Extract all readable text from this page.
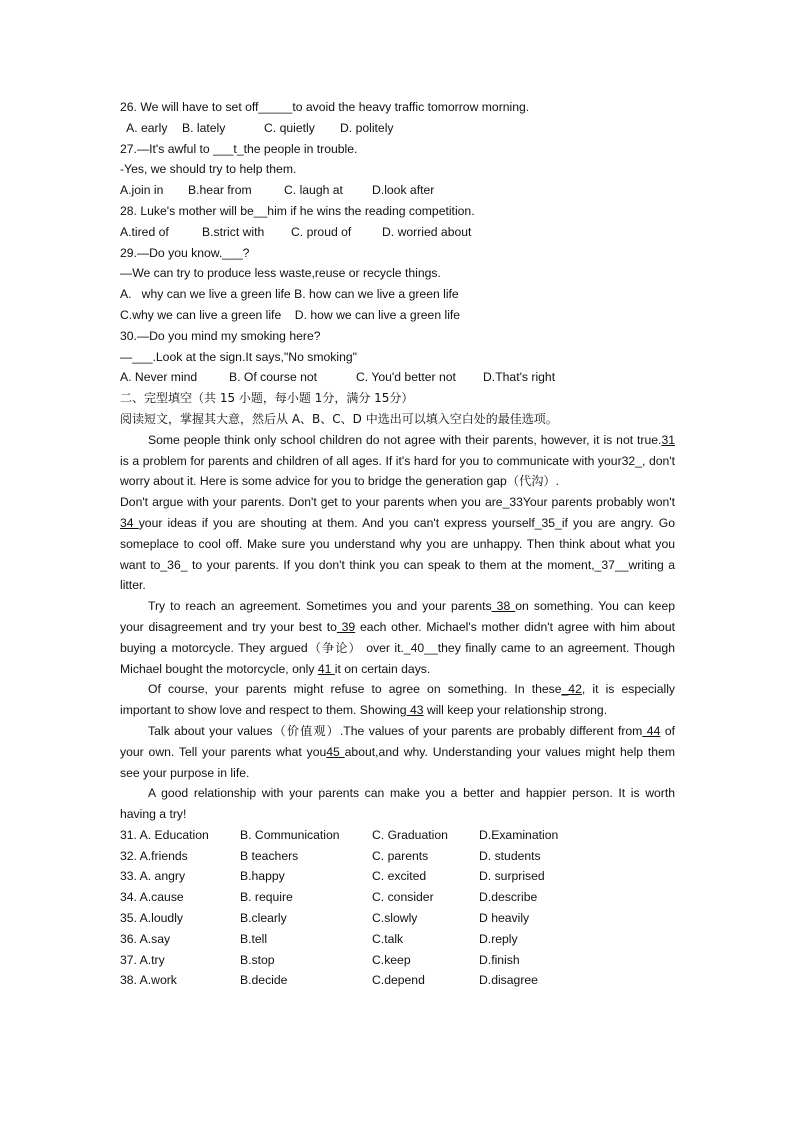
26. We will have to set off_____to avoid the heavy traffic tomorrow morning.
A. early	B. lately	C. quietly	D. politely
27.—It's awful to ___t_the people in trouble.
-Yes, we should try to help them.
A.join in	B.hear from	C. laugh at	D.look after
28. Luke's mother will be__him if he wins the reading competition.
A.tired of	B.strict with	C. proud of	D. worried about
29.—Do you know.___?
—We can try to produce less waste,reuse or recycle things.
A.   why can we live a green life B. how can we live a green life
C.why we can live a green life    D. how we can live a green life
30.—Do you mind my smoking here?
—___.Look at the sign.It says,"No smoking"
A. Never mind	B. Of course not	C. You'd better not	D.That's right
二、完型填空（共 15 小题，每小题 1分，满分 15分）
阅读短文，掌握其大意，然后从 A、B、C、D 中选出可以填入空白处的最佳选项。

Some people think only school children do not agree with their parents, however, it is not true.31 is a problem for parents and children of all ages. If it's hard for you to communicate with your32_, don't worry about it. Here is some advice for you to bridge the generation gap（代沟）.

Don't argue with your parents. Don't get to your parents when you are_33Your parents probably won't 34 your ideas if you are shouting at them. And you can't express yourself_35_if you are angry. Go someplace to cool off. Make sure you understand why you are unhappy. Then think about what you want to_36_ to your parents. If you don't think you can speak to them at the moment,_37__writing a litter.

Try to reach an agreement. Sometimes you and your parents 38 on something. You can keep your disagreement and try your best to 39 each other. Michael's mother didn't agree with him about buying a motorcycle. They argued（争论） over it._40__they finally came to an agreement. Though Michael bought the motorcycle, only 41 it on certain days.

Of course, your parents might refuse to agree on something. In these_42, it is especially important to show love and respect to them. Showing 43 will keep your relationship strong.

Talk about your values（价值观）.The values of your parents are probably different from 44 of your own. Tell your parents what you45 about,and why. Understanding your values might help them see your purpose in life.

A good relationship with your parents can make you a better and happier person. It is worth having a try!

31. A. Education	B. Communication	C. Graduation	D.Examination
32. A.friends	B teachers	C. parents	D. students
33. A. angry	B.happy	C. excited	D. surprised
34. A.cause	B. require	C. consider	D.describe
35. A.loudly	B.clearly	C.slowly	D heavily
36. A.say	B.tell	C.talk	D.reply
37. A.try	B.stop	C.keep	D.finish
38. A.work	B.decide	C.depend	D.disagree
